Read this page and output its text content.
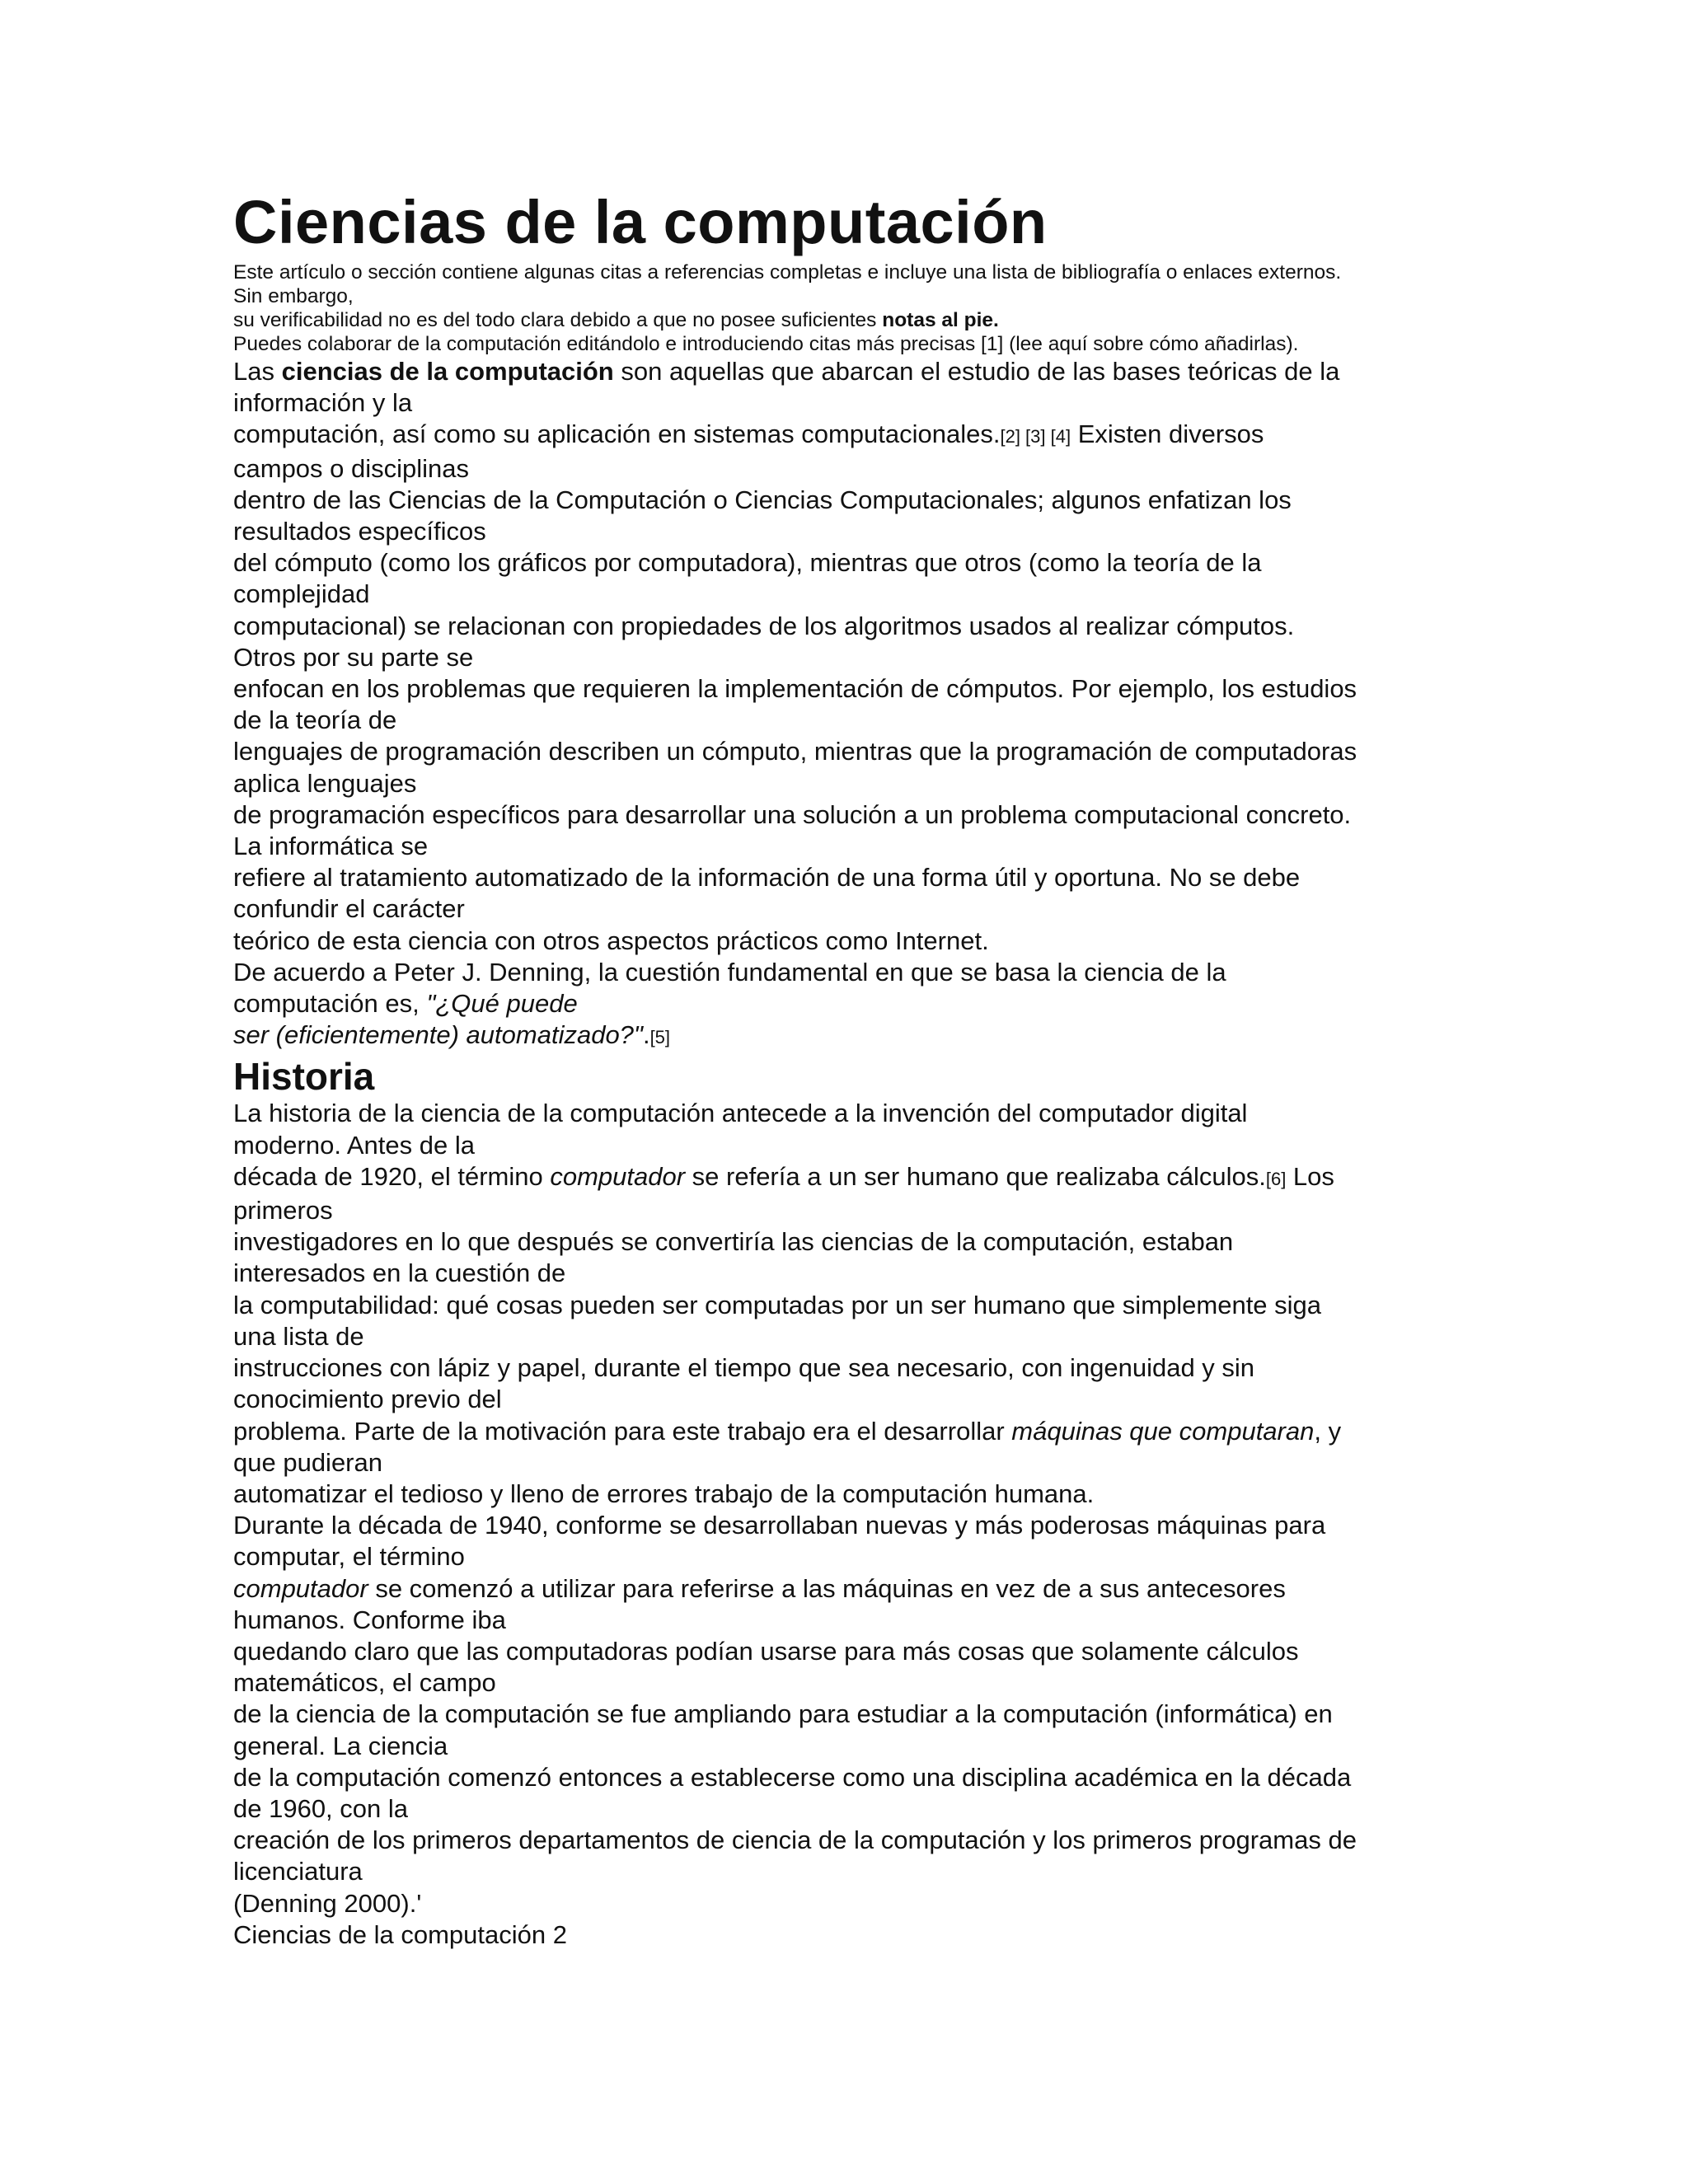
Ciencias de la computación

Este artículo o sección contiene algunas citas a referencias completas e incluye una lista de bibliografía o enlaces externos.

Sin embargo,

su verificabilidad no es del todo clara debido a que no posee suficientes notas al pie.

Puedes colaborar de la computación editándolo e introduciendo citas más precisas [1] (lee aquí sobre cómo añadirlas).

Las ciencias de la computación son aquellas que abarcan el estudio de las bases teóricas de la

información y la

computación, así como su aplicación en sistemas computacionales.[2] [3] [4] Existen diversos

campos o disciplinas

dentro de las Ciencias de la Computación o Ciencias Computacionales; algunos enfatizan los

resultados específicos

del cómputo (como los gráficos por computadora), mientras que otros (como la teoría de la

complejidad

computacional) se relacionan con propiedades de los algoritmos usados al realizar cómputos.

Otros por su parte se

enfocan en los problemas que requieren la implementación de cómputos. Por ejemplo, los estudios

de la teoría de

lenguajes de programación describen un cómputo, mientras que la programación de computadoras

aplica lenguajes

de programación específicos para desarrollar una solución a un problema computacional concreto.

La informática se

refiere al tratamiento automatizado de la información de una forma útil y oportuna. No se debe

confundir el carácter

teórico de esta ciencia con otros aspectos prácticos como Internet.

De acuerdo a Peter J. Denning, la cuestión fundamental en que se basa la ciencia de la

computación es, "¿Qué puede

ser (eficientemente) automatizado?".[5]

Historia

La historia de la ciencia de la computación antecede a la invención del computador digital

moderno. Antes de la

década de 1920, el término computador se refería a un ser humano que realizaba cálculos.[6] Los

primeros

investigadores en lo que después se convertiría las ciencias de la computación, estaban

interesados en la cuestión de

la computabilidad: qué cosas pueden ser computadas por un ser humano que simplemente siga

una lista de

instrucciones con lápiz y papel, durante el tiempo que sea necesario, con ingenuidad y sin

conocimiento previo del

problema. Parte de la motivación para este trabajo era el desarrollar máquinas que computaran, y

que pudieran

automatizar el tedioso y lleno de errores trabajo de la computación humana.

Durante la década de 1940, conforme se desarrollaban nuevas y más poderosas máquinas para

computar, el término

computador se comenzó a utilizar para referirse a las máquinas en vez de a sus antecesores

humanos. Conforme iba

quedando claro que las computadoras podían usarse para más cosas que solamente cálculos

matemáticos, el campo

de la ciencia de la computación se fue ampliando para estudiar a la computación (informática) en

general. La ciencia

de la computación comenzó entonces a establecerse como una disciplina académica en la década

de 1960, con la

creación de los primeros departamentos de ciencia de la computación y los primeros programas de

licenciatura

(Denning 2000).'

Ciencias de la computación 2
